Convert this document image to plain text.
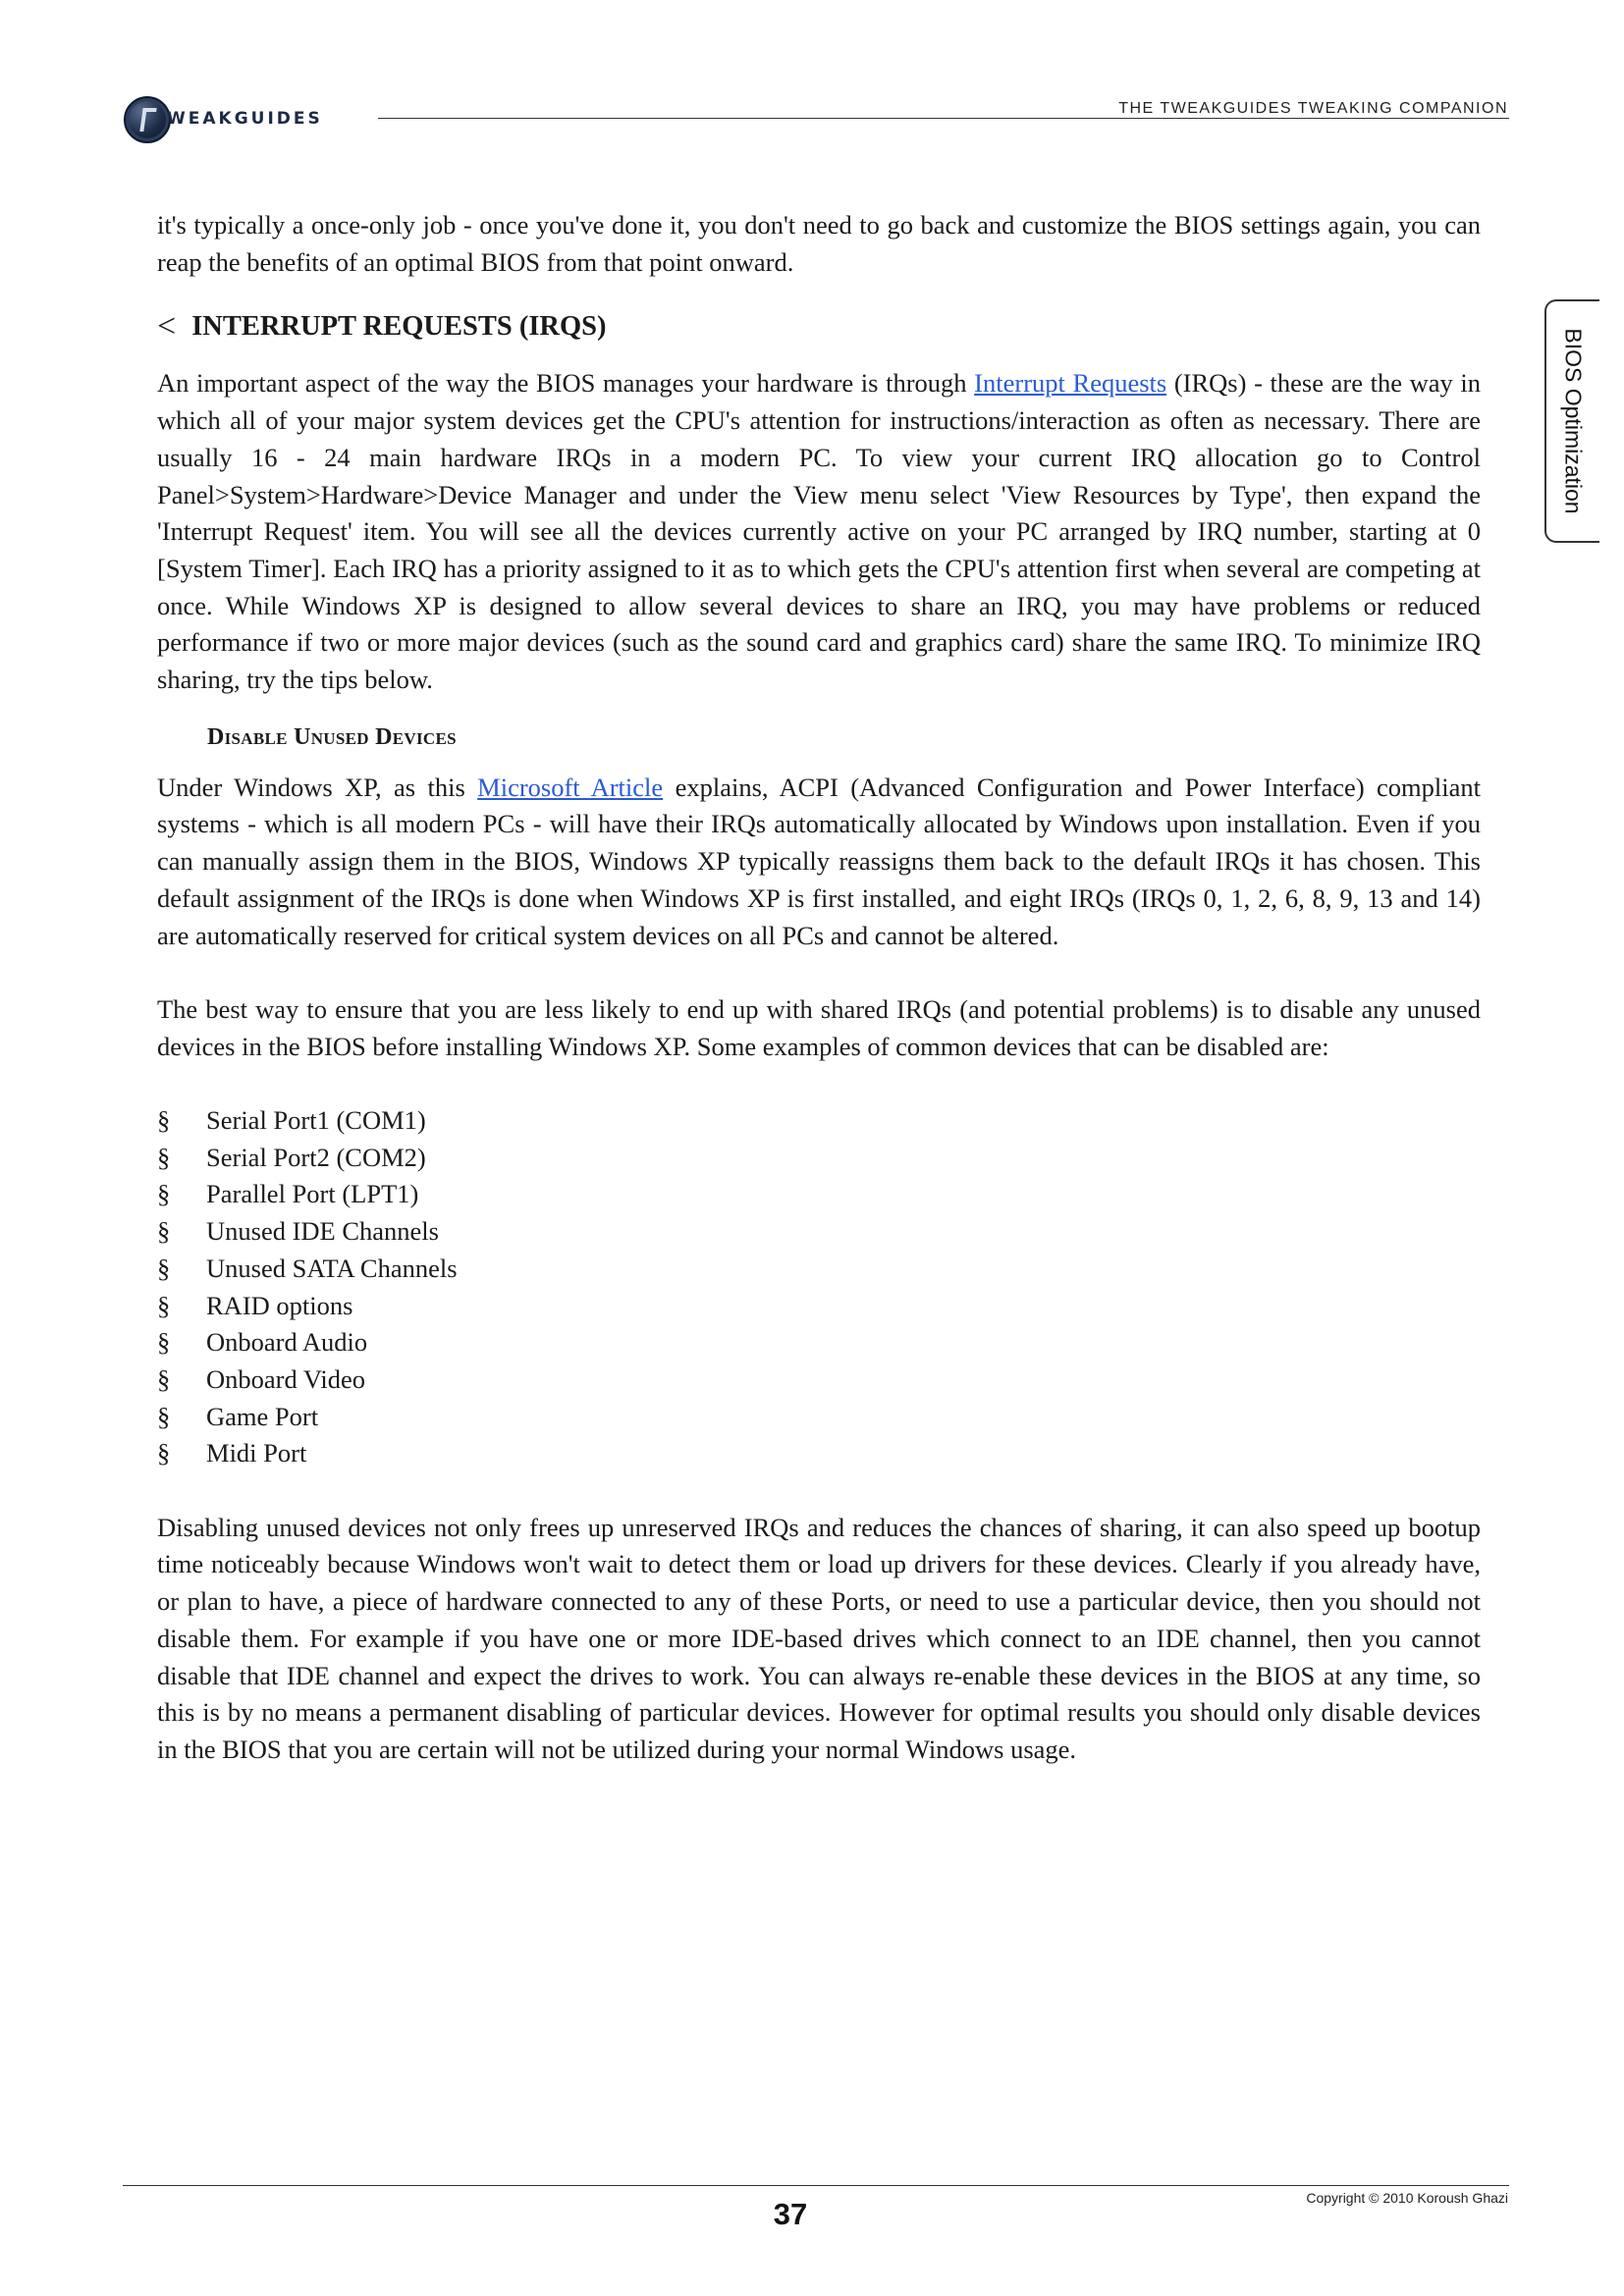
WEAKGUIDES
THE TWEAKGUIDES TWEAKING COMPANION
BIOS Optimization

it's typically a once-only job - once you've done it, you don't need to go back and customize the BIOS settings again, you can reap the benefits of an optimal BIOS from that point onward.

< INTERRUPT REQUESTS (IRQS)

An important aspect of the way the BIOS manages your hardware is through Interrupt Requests (IRQs) - these are the way in which all of your major system devices get the CPU's attention for instructions/interaction as often as necessary. There are usually 16 - 24 main hardware IRQs in a modern PC. To view your current IRQ allocation go to Control Panel>System>Hardware>Device Manager and under the View menu select 'View Resources by Type', then expand the 'Interrupt Request' item. You will see all the devices currently active on your PC arranged by IRQ number, starting at 0 [System Timer]. Each IRQ has a priority assigned to it as to which gets the CPU's attention first when several are competing at once. While Windows XP is designed to allow several devices to share an IRQ, you may have problems or reduced performance if two or more major devices (such as the sound card and graphics card) share the same IRQ. To minimize IRQ sharing, try the tips below.

Disable Unused Devices

Under Windows XP, as this Microsoft Article explains, ACPI (Advanced Configuration and Power Interface) compliant systems - which is all modern PCs - will have their IRQs automatically allocated by Windows upon installation. Even if you can manually assign them in the BIOS, Windows XP typically reassigns them back to the default IRQs it has chosen. This default assignment of the IRQs is done when Windows XP is first installed, and eight IRQs (IRQs 0, 1, 2, 6, 8, 9, 13 and 14) are automatically reserved for critical system devices on all PCs and cannot be altered.

The best way to ensure that you are less likely to end up with shared IRQs (and potential problems) is to disable any unused devices in the BIOS before installing Windows XP. Some examples of common devices that can be disabled are:

§ Serial Port1 (COM1)
§ Serial Port2 (COM2)
§ Parallel Port (LPT1)
§ Unused IDE Channels
§ Unused SATA Channels
§ RAID options
§ Onboard Audio
§ Onboard Video
§ Game Port
§ Midi Port

Disabling unused devices not only frees up unreserved IRQs and reduces the chances of sharing, it can also speed up bootup time noticeably because Windows won't wait to detect them or load up drivers for these devices. Clearly if you already have, or plan to have, a piece of hardware connected to any of these Ports, or need to use a particular device, then you should not disable them. For example if you have one or more IDE-based drives which connect to an IDE channel, then you cannot disable that IDE channel and expect the drives to work. You can always re-enable these devices in the BIOS at any time, so this is by no means a permanent disabling of particular devices. However for optimal results you should only disable devices in the BIOS that you are certain will not be utilized during your normal Windows usage.

37	Copyright © 2010 Koroush Ghazi
